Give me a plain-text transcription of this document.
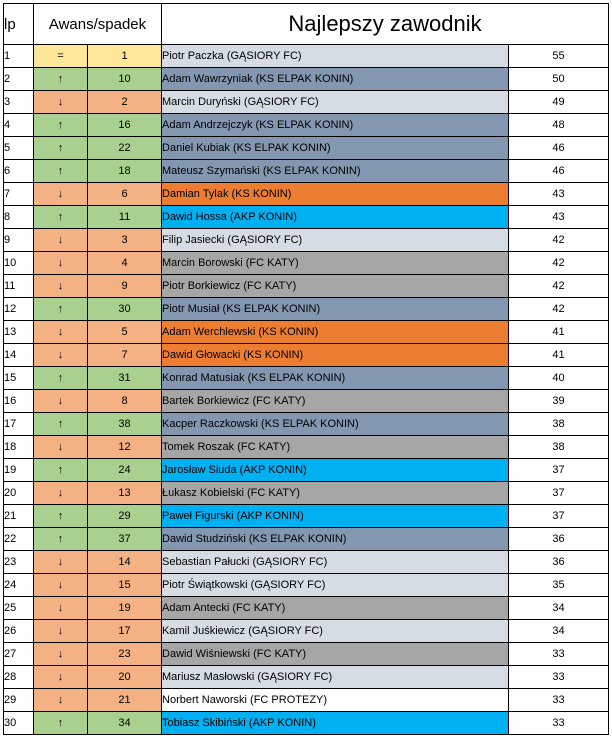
lp	Awans/spadek		Najlepszy zawodnik	
1	=	1	Piotr Paczka (GĄSIORY FC)	55
2	↑	10	Adam Wawrzyniak (KS ELPAK KONIN)	50
3	↓	2	Marcin Duryński (GĄSIORY FC)	49
4	↑	16	Adam Andrzejczyk (KS ELPAK KONIN)	48
5	↑	22	Daniel Kubiak (KS ELPAK KONIN)	46
6	↑	18	Mateusz Szymański (KS ELPAK KONIN)	46
7	↓	6	Damian Tylak (KS KONIN)	43
8	↑	11	Dawid Hossa (AKP KONIN)	43
9	↓	3	Filip Jasiecki (GĄSIORY FC)	42
10	↓	4	Marcin Borowski (FC KATY)	42
11	↓	9	Piotr Borkiewicz (FC KATY)	42
12	↑	30	Piotr Musiał (KS ELPAK KONIN)	42
13	↓	5	Adam Werchlewski (KS KONIN)	41
14	↓	7	Dawid Głowacki (KS KONIN)	41
15	↑	31	Konrad Matusiak (KS ELPAK KONIN)	40
16	↓	8	Bartek Borkiewicz (FC KATY)	39
17	↑	38	Kacper Raczkowski (KS ELPAK KONIN)	38
18	↓	12	Tomek Roszak (FC KATY)	38
19	↑	24	Jarosław Siuda (AKP KONIN)	37
20	↓	13	Łukasz Kobielski (FC KATY)	37
21	↑	29	Paweł Figurski (AKP KONIN)	37
22	↑	37	Dawid Studziński (KS ELPAK KONIN)	36
23	↓	14	Sebastian Pałucki (GĄSIORY FC)	36
24	↓	15	Piotr Świątkowski (GĄSIORY FC)	35
25	↓	19	Adam Antecki (FC KATY)	34
26	↓	17	Kamil Juśkiewicz (GĄSIORY FC)	34
27	↓	23	Dawid Wiśniewski (FC KATY)	33
28	↓	20	Mariusz Masłowski (GĄSIORY FC)	33
29	↓	21	Norbert Naworski (FC PROTEZY)	33
30	↑	34	Tobiasz Skibiński (AKP KONIN)	33
